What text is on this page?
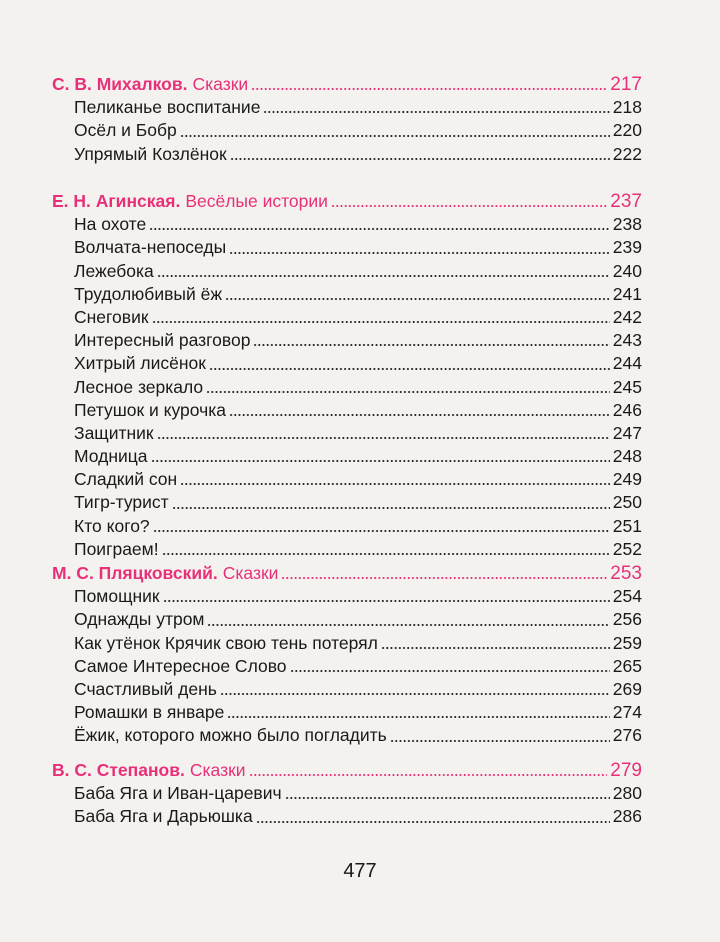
С. В. Михалков. Сказки	217
Пеликанье воспитание	218
Осёл и Бобр	220
Упрямый Козлёнок	222
Е. Н. Агинская. Весёлые истории	237
На охоте	238
Волчата-непоседы	239
Лежебока	240
Трудолюбивый ёж	241
Снеговик	242
Интересный разговор	243
Хитрый лисёнок	244
Лесное зеркало	245
Петушок и курочка	246
Защитник	247
Модница	248
Сладкий сон	249
Тигр-турист	250
Кто кого?	251
Поиграем!	252
М. С. Пляцковский. Сказки	253
Помощник	254
Однажды утром	256
Как утёнок Крячик свою тень потерял	259
Самое Интересное Слово	265
Счастливый день	269
Ромашки в январе	274
Ёжик, которого можно было погладить	276
В. С. Степанов. Сказки	279
Баба Яга и Иван-царевич	280
Баба Яга и Дарьюшка	286
477
